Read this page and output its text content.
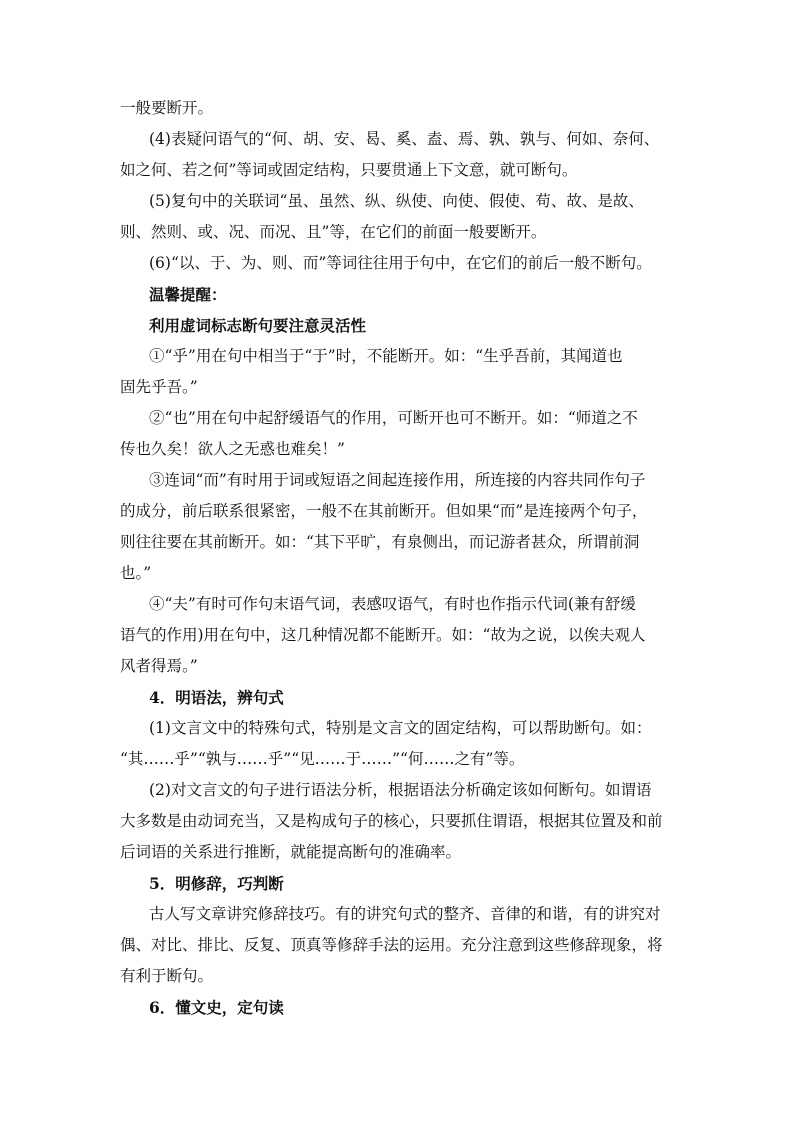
一般要断开。
(4)表疑问语气的“何、胡、安、曷、奚、盍、焉、孰、孰与、何如、奈何、
如之何、若之何”等词或固定结构，只要贯通上下文意，就可断句。
(5)复句中的关联词“虽、虽然、纵、纵使、向使、假使、苟、故、是故、
则、然则、或、况、而况、且”等，在它们的前面一般要断开。
(6)“以、于、为、则、而”等词往往用于句中，在它们的前后一般不断句。
温馨提醒：
利用虚词标志断句要注意灵活性
①“乎”用在句中相当于“于”时，不能断开。如：“生乎吾前，其闻道也
固先乎吾。”
②“也”用在句中起舒缓语气的作用，可断开也可不断开。如：“师道之不
传也久矣！欲人之无惑也难矣！”
③连词“而”有时用于词或短语之间起连接作用，所连接的内容共同作句子
的成分，前后联系很紧密，一般不在其前断开。但如果“而”是连接两个句子，
则往往要在其前断开。如：“其下平旷，有泉侧出，而记游者甚众，所谓前洞
也。”
④“夫”有时可作句末语气词，表感叹语气，有时也作指示代词(兼有舒缓
语气的作用)用在句中，这几种情况都不能断开。如：“故为之说，以俟夫观人
风者得焉。”
4．明语法，辨句式
(1)文言文中的特殊句式，特别是文言文的固定结构，可以帮助断句。如：
“其……乎”“孰与……乎”“见……于……”“何……之有”等。
(2)对文言文的句子进行语法分析，根据语法分析确定该如何断句。如谓语
大多数是由动词充当，又是构成句子的核心，只要抓住谓语，根据其位置及和前
后词语的关系进行推断，就能提高断句的准确率。
5．明修辞，巧判断
古人写文章讲究修辞技巧。有的讲究句式的整齐、音律的和谐，有的讲究对
偶、对比、排比、反复、顶真等修辞手法的运用。充分注意到这些修辞现象，将
有利于断句。
6．懂文史，定句读
